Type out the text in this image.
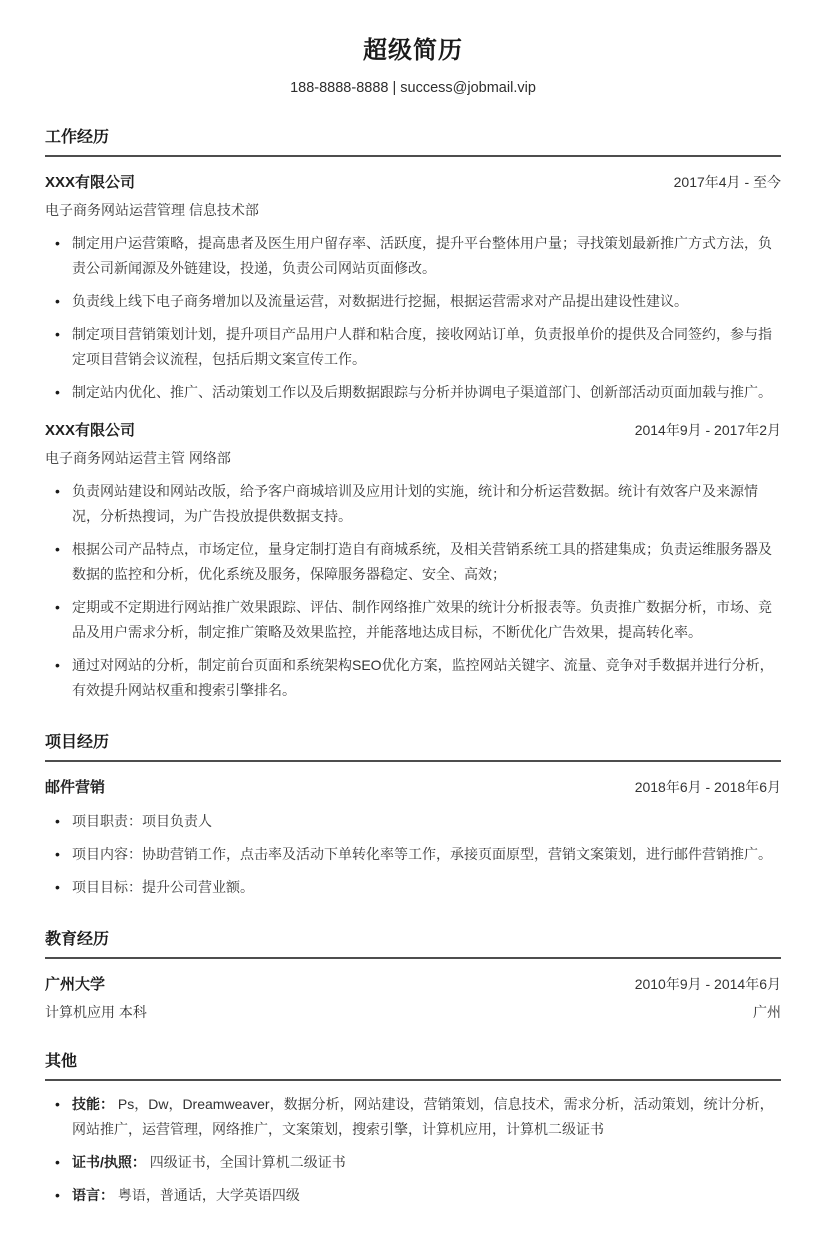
超级简历
188-8888-8888 | success@jobmail.vip
工作经历
XXX有限公司	2017年4月 - 至今
电子商务网站运营管理 信息技术部
• 制定用户运营策略，提高患者及医生用户留存率、活跃度，提升平台整体用户量；寻找策划最新推广方式方法，负责公司新闻源及外链建设，投递，负责公司网站页面修改。
• 负责线上线下电子商务增加以及流量运营，对数据进行挖掘，根据运营需求对产品提出建设性建议。
• 制定项目营销策划计划，提升项目产品用户人群和粘合度，接收网站订单，负责报单价的提供及合同签约，参与指定项目营销会议流程，包括后期文案宣传工作。
• 制定站内优化、推广、活动策划工作以及后期数据跟踪与分析并协调电子渠道部门、创新部活动页面加载与推广。
XXX有限公司	2014年9月 - 2017年2月
电子商务网站运营主管 网络部
• 负责网站建设和网站改版，给予客户商城培训及应用计划的实施，统计和分析运营数据。统计有效客户及来源情况，分析热搜词，为广告投放提供数据支持。
• 根据公司产品特点，市场定位，量身定制打造自有商城系统，及相关营销系统工具的搭建集成；负责运维服务器及数据的监控和分析，优化系统及服务，保障服务器稳定、安全、高效；
• 定期或不定期进行网站推广效果跟踪、评估、制作网络推广效果的统计分析报表等。负责推广数据分析，市场、竞品及用户需求分析，制定推广策略及效果监控，并能落地达成目标，不断优化广告效果，提高转化率。
• 通过对网站的分析，制定前台页面和系统架构SEO优化方案，监控网站关键字、流量、竞争对手数据并进行分析，有效提升网站权重和搜索引擎排名。
项目经历
邮件营销	2018年6月 - 2018年6月
• 项目职责：项目负责人
• 项目内容：协助营销工作，点击率及活动下单转化率等工作，承接页面原型，营销文案策划，进行邮件营销推广。
• 项目目标：提升公司营业额。
教育经历
广州大学	2010年9月 - 2014年6月
计算机应用 本科	广州
其他
• 技能： Ps，Dw，Dreamweaver，数据分析，网站建设，营销策划，信息技术，需求分析，活动策划，统计分析，网站推广，运营管理，网络推广，文案策划，搜索引擎，计算机应用，计算机二级证书
• 证书/执照： 四级证书，全国计算机二级证书
• 语言： 粤语，普通话，大学英语四级
